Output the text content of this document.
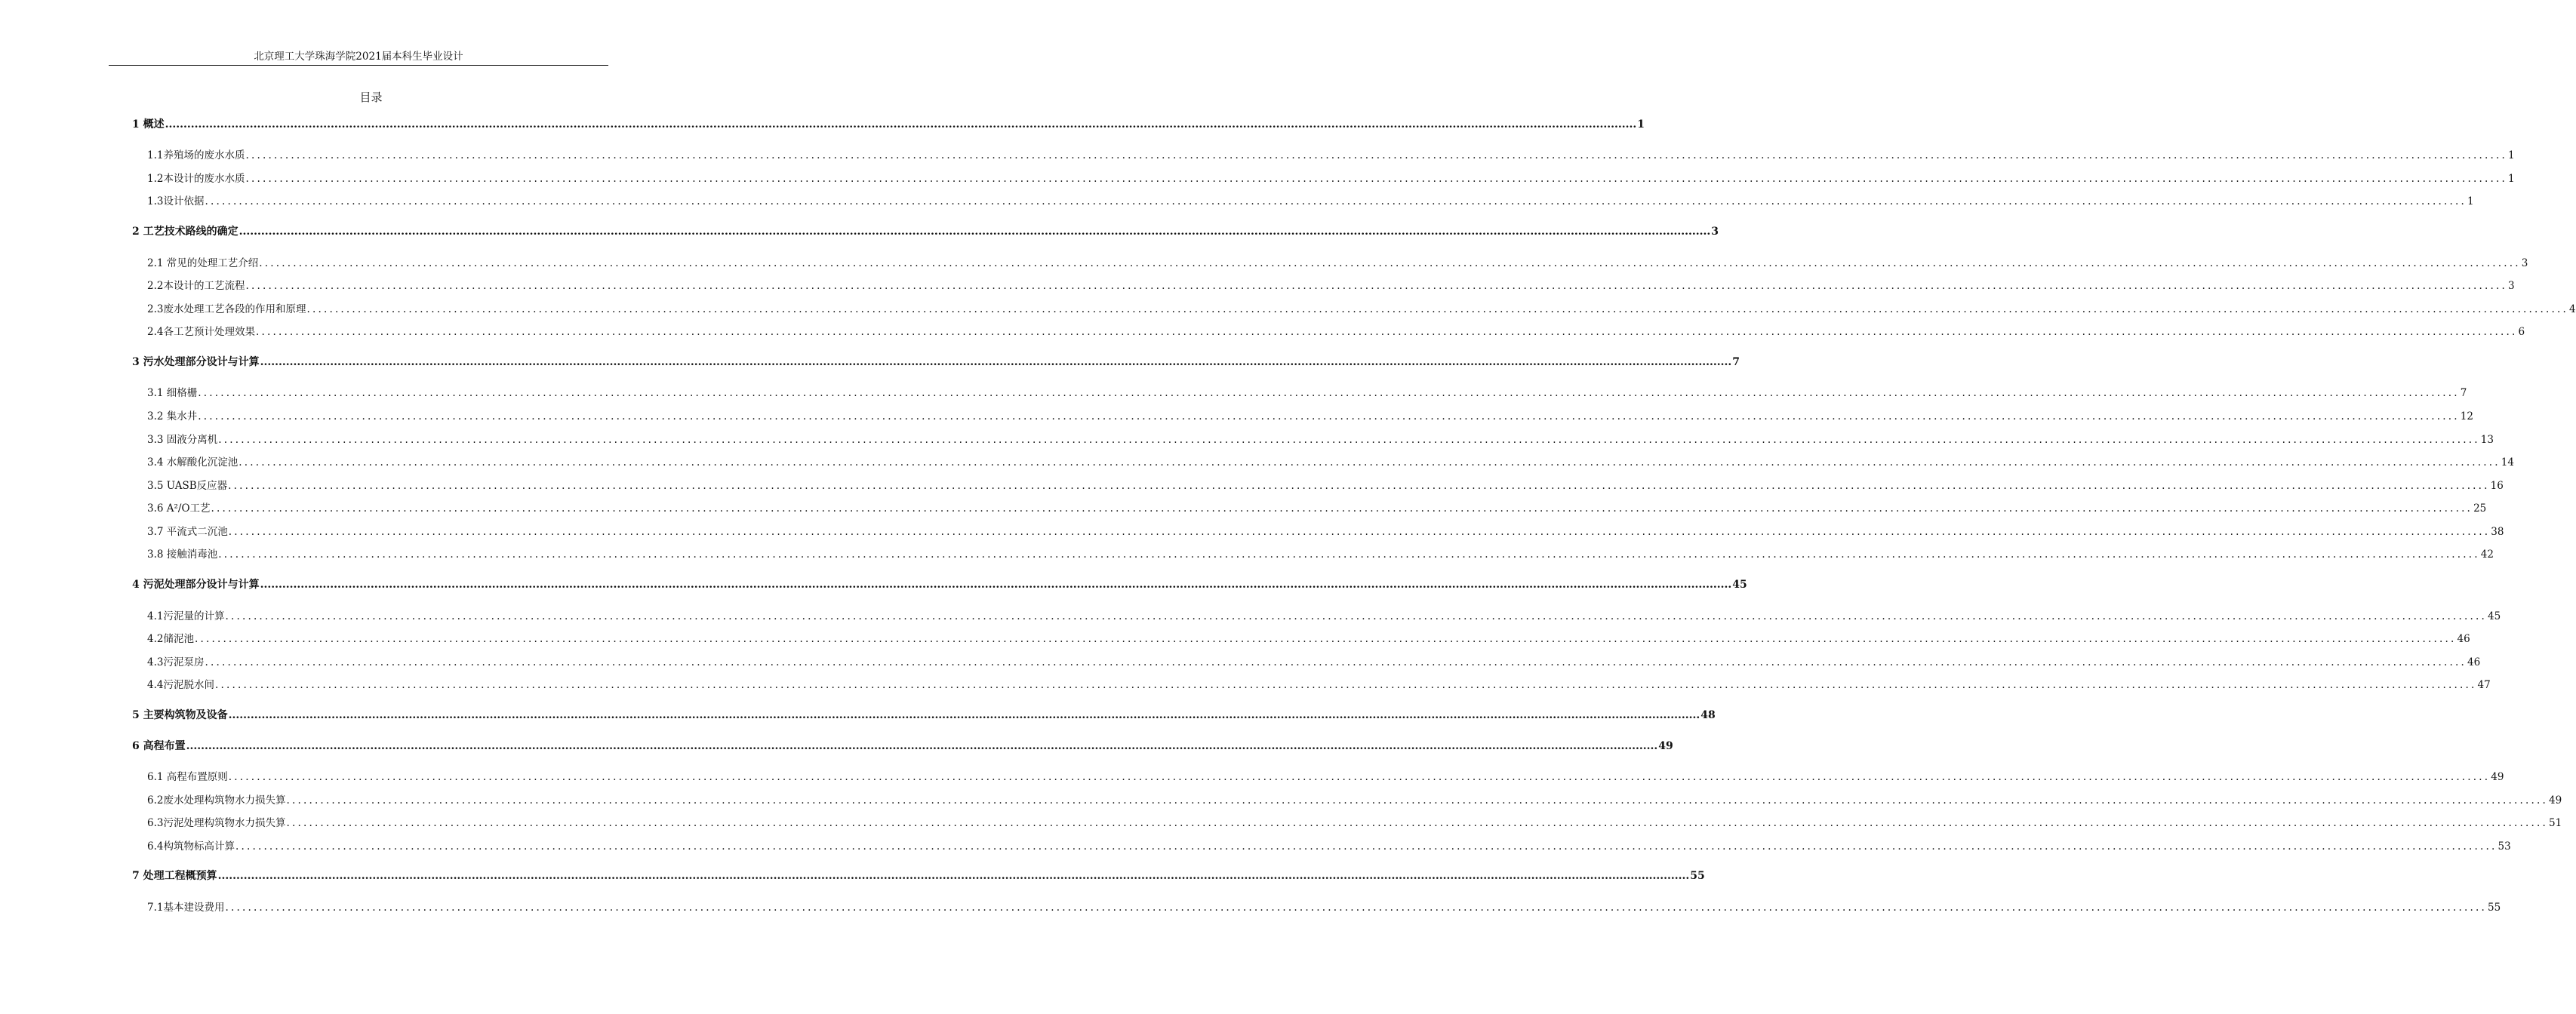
北京理工大学珠海学院2021届本科生毕业设计
目录
1 概述 ................................................................................................................................................................................................................................................................................................................................................................................................................ 1
1.1养殖场的废水水质 ................................................................................................................................................................................................................................................................................................................................................................................................................ 1
1.2本设计的废水水质 ................................................................................................................................................................................................................................................................................................................................................................................................................ 1
1.3设计依据 ................................................................................................................................................................................................................................................................................................................................................................................................................ 1
2 工艺技术路线的确定 ................................................................................................................................................................................................................................................................................................................................................................................................................ 3
2.1 常见的处理工艺介绍 ................................................................................................................................................................................................................................................................................................................................................................................................................ 3
2.2本设计的工艺流程 ................................................................................................................................................................................................................................................................................................................................................................................................................ 3
2.3废水处理工艺各段的作用和原理 ................................................................................................................................................................................................................................................................................................................................................................................................................ 4
2.4各工艺预计处理效果 ................................................................................................................................................................................................................................................................................................................................................................................................................ 6
3 污水处理部分设计与计算 ................................................................................................................................................................................................................................................................................................................................................................................................................ 7
3.1 细格栅 ................................................................................................................................................................................................................................................................................................................................................................................................................ 7
3.2 集水井 ................................................................................................................................................................................................................................................................................................................................................................................................................ 12
3.3 固液分离机 ................................................................................................................................................................................................................................................................................................................................................................................................................ 13
3.4 水解酸化沉淀池 ................................................................................................................................................................................................................................................................................................................................................................................................................ 14
3.5 UASB反应器 ................................................................................................................................................................................................................................................................................................................................................................................................................ 16
3.6 A²/O工艺 ................................................................................................................................................................................................................................................................................................................................................................................................................ 25
3.7 平流式二沉池 ................................................................................................................................................................................................................................................................................................................................................................................................................ 38
3.8 接触消毒池 ................................................................................................................................................................................................................................................................................................................................................................................................................ 42
4 污泥处理部分设计与计算 ................................................................................................................................................................................................................................................................................................................................................................................................................ 45
4.1污泥量的计算 ................................................................................................................................................................................................................................................................................................................................................................................................................ 45
4.2储泥池 ................................................................................................................................................................................................................................................................................................................................................................................................................ 46
4.3污泥泵房 ................................................................................................................................................................................................................................................................................................................................................................................................................ 46
4.4污泥脱水间 ................................................................................................................................................................................................................................................................................................................................................................................................................ 47
5 主要构筑物及设备 ................................................................................................................................................................................................................................................................................................................................................................................................................ 48
6 高程布置 ................................................................................................................................................................................................................................................................................................................................................................................................................ 49
6.1 高程布置原则 ................................................................................................................................................................................................................................................................................................................................................................................................................ 49
6.2废水处理构筑物水力损失算 ................................................................................................................................................................................................................................................................................................................................................................................................................ 49
6.3污泥处理构筑物水力损失算 ................................................................................................................................................................................................................................................................................................................................................................................................................ 51
6.4构筑物标高计算 ................................................................................................................................................................................................................................................................................................................................................................................................................ 53
7 处理工程概预算 ................................................................................................................................................................................................................................................................................................................................................................................................................ 55
7.1基本建设费用 ................................................................................................................................................................................................................................................................................................................................................................................................................ 55
